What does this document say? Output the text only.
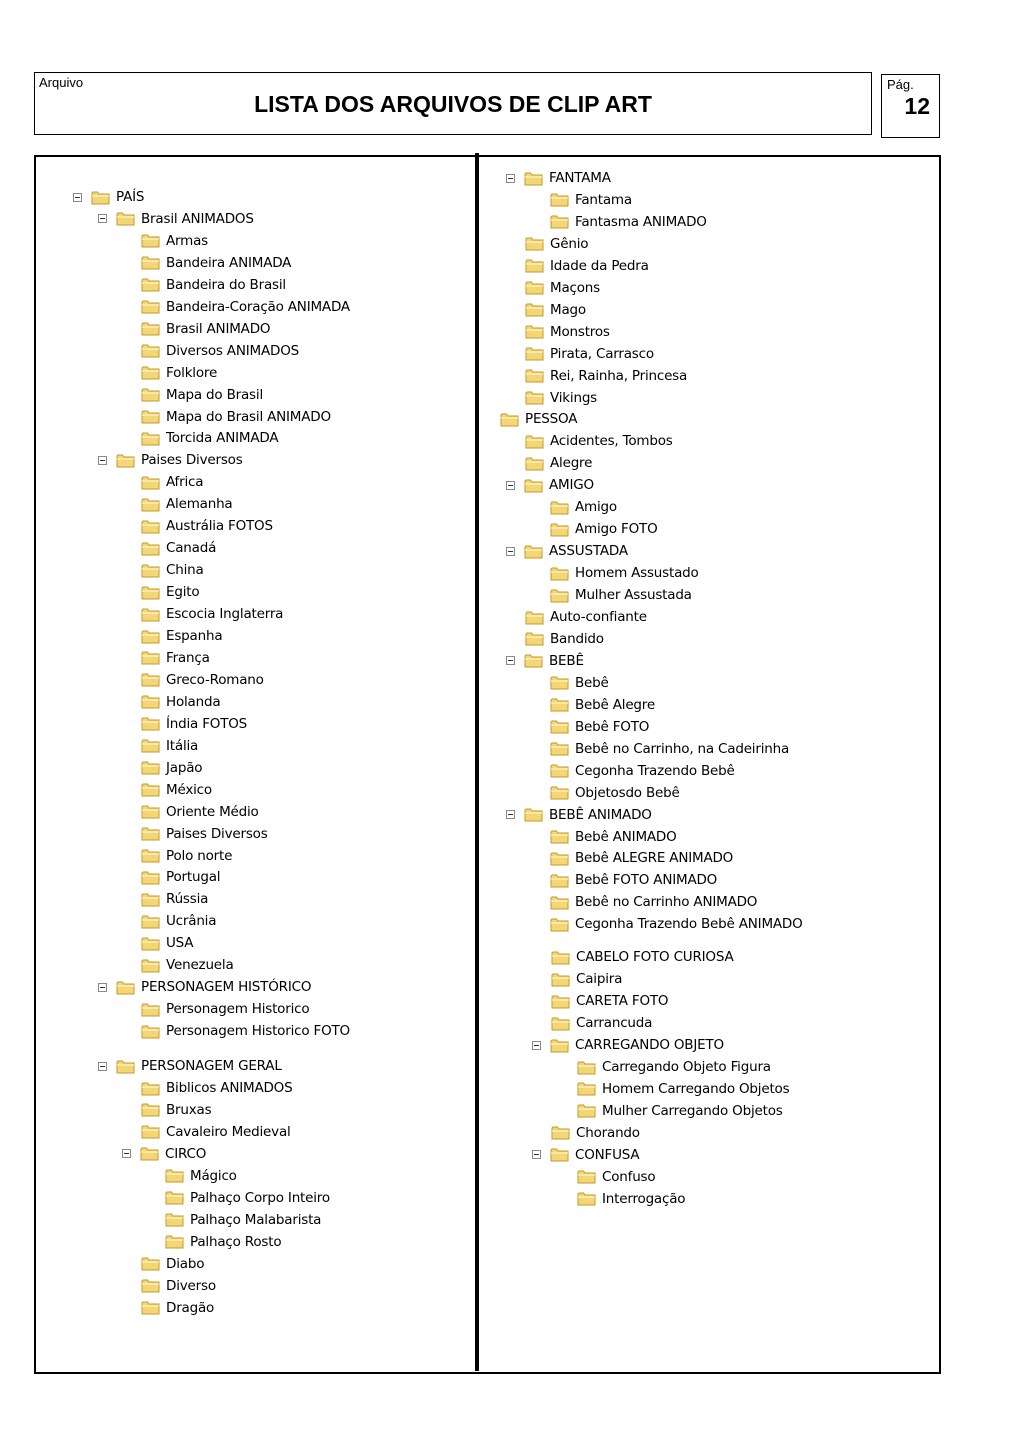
Arquivo
LISTA DOS ARQUIVOS DE CLIP ART
Pág.
12
PAÍS
Brasil ANIMADOS
Armas
Bandeira ANIMADA
Bandeira do Brasil
Bandeira-Coração ANIMADA
Brasil ANIMADO
Diversos ANIMADOS
Folklore
Mapa do Brasil
Mapa do Brasil ANIMADO
Torcida ANIMADA
Paises Diversos
Africa
Alemanha
Austrália FOTOS
Canadá
China
Egito
Escocia Inglaterra
Espanha
França
Greco-Romano
Holanda
Índia FOTOS
Itália
Japão
México
Oriente Médio
Paises Diversos
Polo norte
Portugal
Rússia
Ucrânia
USA
Venezuela
PERSONAGEM HISTÓRICO
Personagem Historico
Personagem Historico FOTO
PERSONAGEM GERAL
Biblicos ANIMADOS
Bruxas
Cavaleiro Medieval
CIRCO
Mágico
Palhaço Corpo Inteiro
Palhaço Malabarista
Palhaço Rosto
Diabo
Diverso
Dragão
FANTAMA
Fantama
Fantasma ANIMADO
Gênio
Idade da Pedra
Maçons
Mago
Monstros
Pirata, Carrasco
Rei, Rainha, Princesa
Vikings
PESSOA
Acidentes, Tombos
Alegre
AMIGO
Amigo
Amigo FOTO
ASSUSTADA
Homem Assustado
Mulher Assustada
Auto-confiante
Bandido
BEBÊ
Bebê
Bebê Alegre
Bebê FOTO
Bebê no Carrinho, na Cadeirinha
Cegonha Trazendo Bebê
Objetosdo Bebê
BEBÊ ANIMADO
Bebê ANIMADO
Bebê ALEGRE ANIMADO
Bebê FOTO ANIMADO
Bebê no Carrinho ANIMADO
Cegonha Trazendo Bebê ANIMADO
CABELO FOTO CURIOSA
Caipira
CARETA FOTO
Carrancuda
CARREGANDO OBJETO
Carregando Objeto Figura
Homem Carregando Objetos
Mulher Carregando Objetos
Chorando
CONFUSA
Confuso
Interrogação
